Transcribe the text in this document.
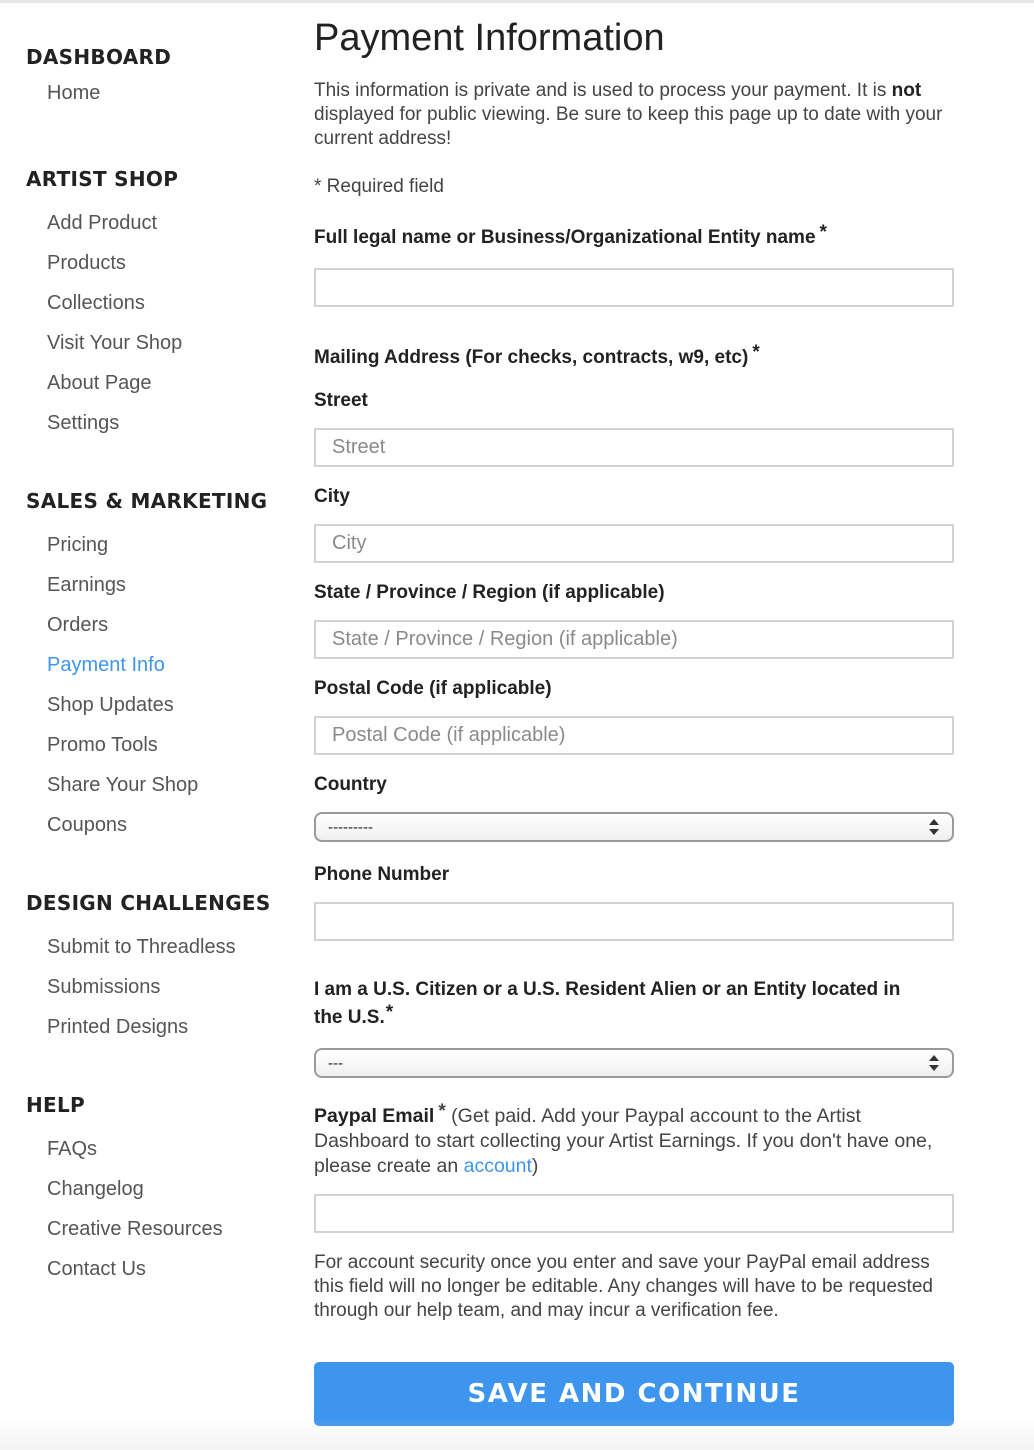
DASHBOARD
Home
ARTIST SHOP
Add Product
Products
Collections
Visit Your Shop
About Page
Settings
SALES & MARKETING
Pricing
Earnings
Orders
Payment Info
Shop Updates
Promo Tools
Share Your Shop
Coupons
DESIGN CHALLENGES
Submit to Threadless
Submissions
Printed Designs
HELP
FAQs
Changelog
Creative Resources
Contact Us
Payment Information

This information is private and is used to process your payment. It is not displayed for public viewing. Be sure to keep this page up to date with your current address!

* Required field
Full legal name or Business/Organizational Entity name *
Mailing Address (For checks, contracts, w9, etc) *
Street
Street
City
City
State / Province / Region (if applicable)
State / Province / Region (if applicable)
Postal Code (if applicable)
Postal Code (if applicable)
Country
---------
Phone Number
I am a U.S. Citizen or a U.S. Resident Alien or an Entity located in the U.S.*
---

Paypal Email * (Get paid. Add your Paypal account to the Artist Dashboard to start collecting your Artist Earnings. If you don't have one, please create an account)

For account security once you enter and save your PayPal email address this field will no longer be editable. Any changes will have to be requested through our help team, and may incur a verification fee.

SAVE AND CONTINUE
